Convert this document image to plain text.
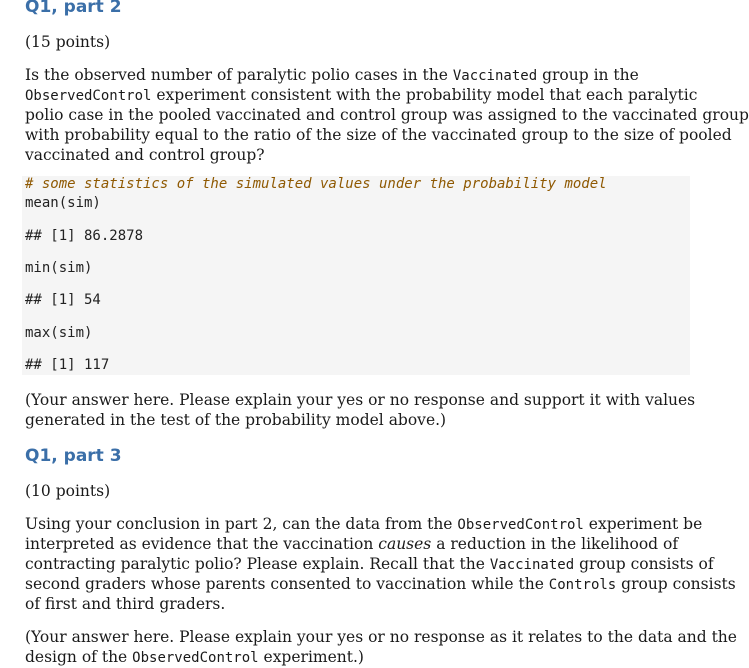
Q1, part 2
(15 points)
Is the observed number of paralytic polio cases in the Vaccinated group in the
ObservedControl experiment consistent with the probability model that each paralytic
polio case in the pooled vaccinated and control group was assigned to the vaccinated group
with probability equal to the ratio of the size of the vaccinated group to the size of pooled
vaccinated and control group?
# some statistics of the simulated values under the probability model
mean(sim)
## [1] 86.2878
min(sim)
## [1] 54
max(sim)
## [1] 117
(Your answer here. Please explain your yes or no response and support it with values
generated in the test of the probability model above.)
Q1, part 3
(10 points)
Using your conclusion in part 2, can the data from the ObservedControl experiment be
interpreted as evidence that the vaccination causes a reduction in the likelihood of
contracting paralytic polio? Please explain. Recall that the Vaccinated group consists of
second graders whose parents consented to vaccination while the Controls group consists
of first and third graders.
(Your answer here. Please explain your yes or no response as it relates to the data and the
design of the ObservedControl experiment.)
